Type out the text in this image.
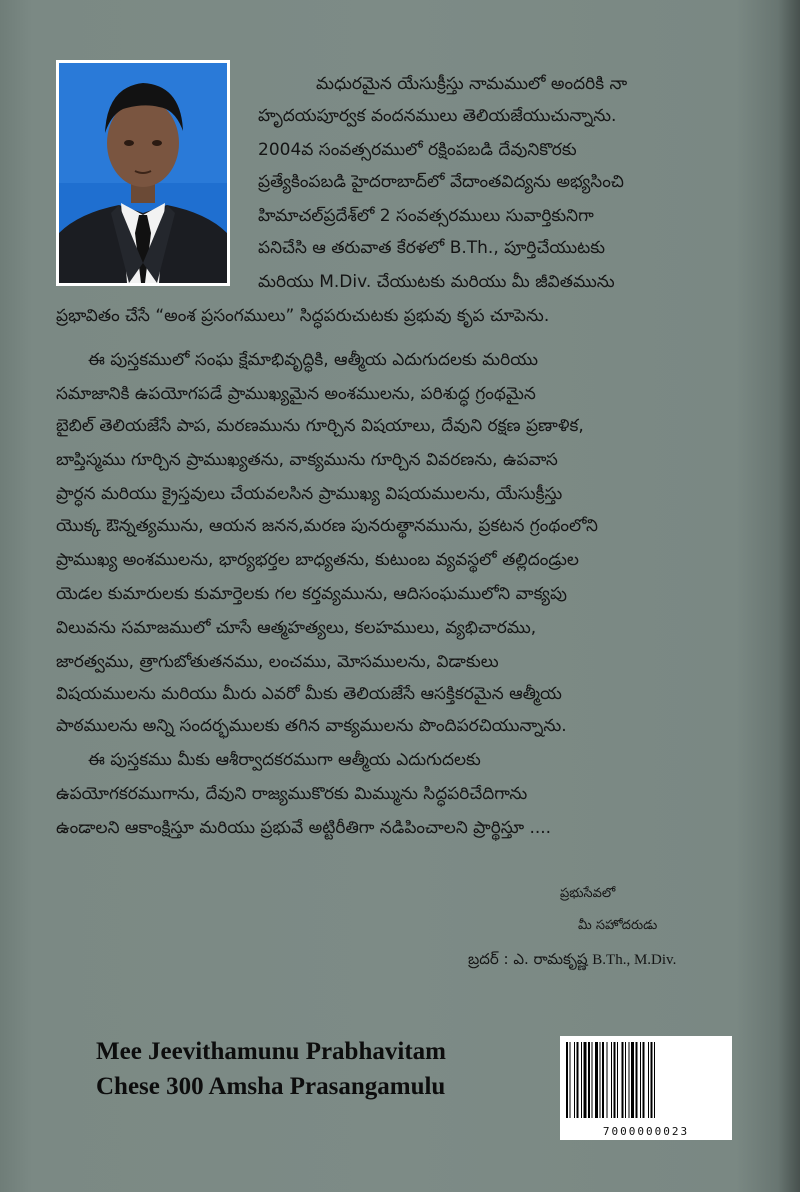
మధురమైన యేసుక్రీస్తు నామములో అందరికి నా
హృదయపూర్వక వందనములు తెలియజేయుచున్నాను.
2004వ సంవత్సరములో రక్షింపబడి దేవునికొరకు
ప్రత్యేకింపబడి హైదరాబాద్‌లో వేదాంతవిద్యను అభ్యసించి
హిమాచల్‌ప్రదేశ్‌లో 2 సంవత్సరములు సువార్తికునిగా
పనిచేసి ఆ తరువాత కేరళలో B.Th., పూర్తిచేయుటకు
మరియు M.Div. చేయుటకు మరియు మీ జీవితమును
ప్రభావితం చేసే “అంశ ప్రసంగములు” సిద్ధపరుచుటకు ప్రభువు కృప చూపెను.
ఈ పుస్తకములో సంఘ క్షేమాభివృద్ధికి, ఆత్మీయ ఎదుగుదలకు మరియు
సమాజానికి ఉపయోగపడే ప్రాముఖ్యమైన అంశములను, పరిశుద్ధ గ్రంథమైన
బైబిల్ తెలియజేసే పాప, మరణమును గూర్చిన విషయాలు, దేవుని రక్షణ ప్రణాళిక,
బాప్తిస్మము గూర్చిన ప్రాముఖ్యతను, వాక్యమును గూర్చిన వివరణను, ఉపవాస
ప్రార్ధన మరియు క్రైస్తవులు చేయవలసిన ప్రాముఖ్య విషయములను, యేసుక్రీస్తు
యొక్క ఔన్నత్యమును, ఆయన జనన,మరణ పునరుత్థానమును, ప్రకటన గ్రంథంలోని
ప్రాముఖ్య అంశములను, భార్యభర్తల బాధ్యతను, కుటుంబ వ్యవస్థలో తల్లిదండ్రుల
యెడల కుమారులకు కుమార్తెలకు గల కర్తవ్యమును, ఆదిసంఘములోని వాక్యపు
విలువను సమాజములో చూసే ఆత్మహత్యలు, కలహములు, వ్యభిచారము,
జారత్వము, త్రాగుబోతుతనము, లంచము, మోసములను, విడాకులు
విషయములను మరియు మీరు ఎవరో మీకు తెలియజేసే ఆసక్తికరమైన ఆత్మీయ
పాఠములను అన్ని సందర్భములకు తగిన వాక్యములను పొందిపరచియున్నాను.
ఈ పుస్తకము మీకు ఆశీర్వాదకరముగా ఆత్మీయ ఎదుగుదలకు
ఉపయోగకరముగాను, దేవుని రాజ్యముకొరకు మిమ్మును సిద్ధపరిచేదిగాను
ఉండాలని ఆకాంక్షిస్తూ మరియు ప్రభువే అట్టిరీతిగా నడిపించాలని ప్రార్థిస్తూ ....
ప్రభుసేవలో
మీ సహోదరుడు
బ్రదర్ : ఎ. రామకృష్ణ B.Th., M.Div.
Mee Jeevithamunu Prabhavitam
Chese 300 Amsha Prasangamulu
7000000023
